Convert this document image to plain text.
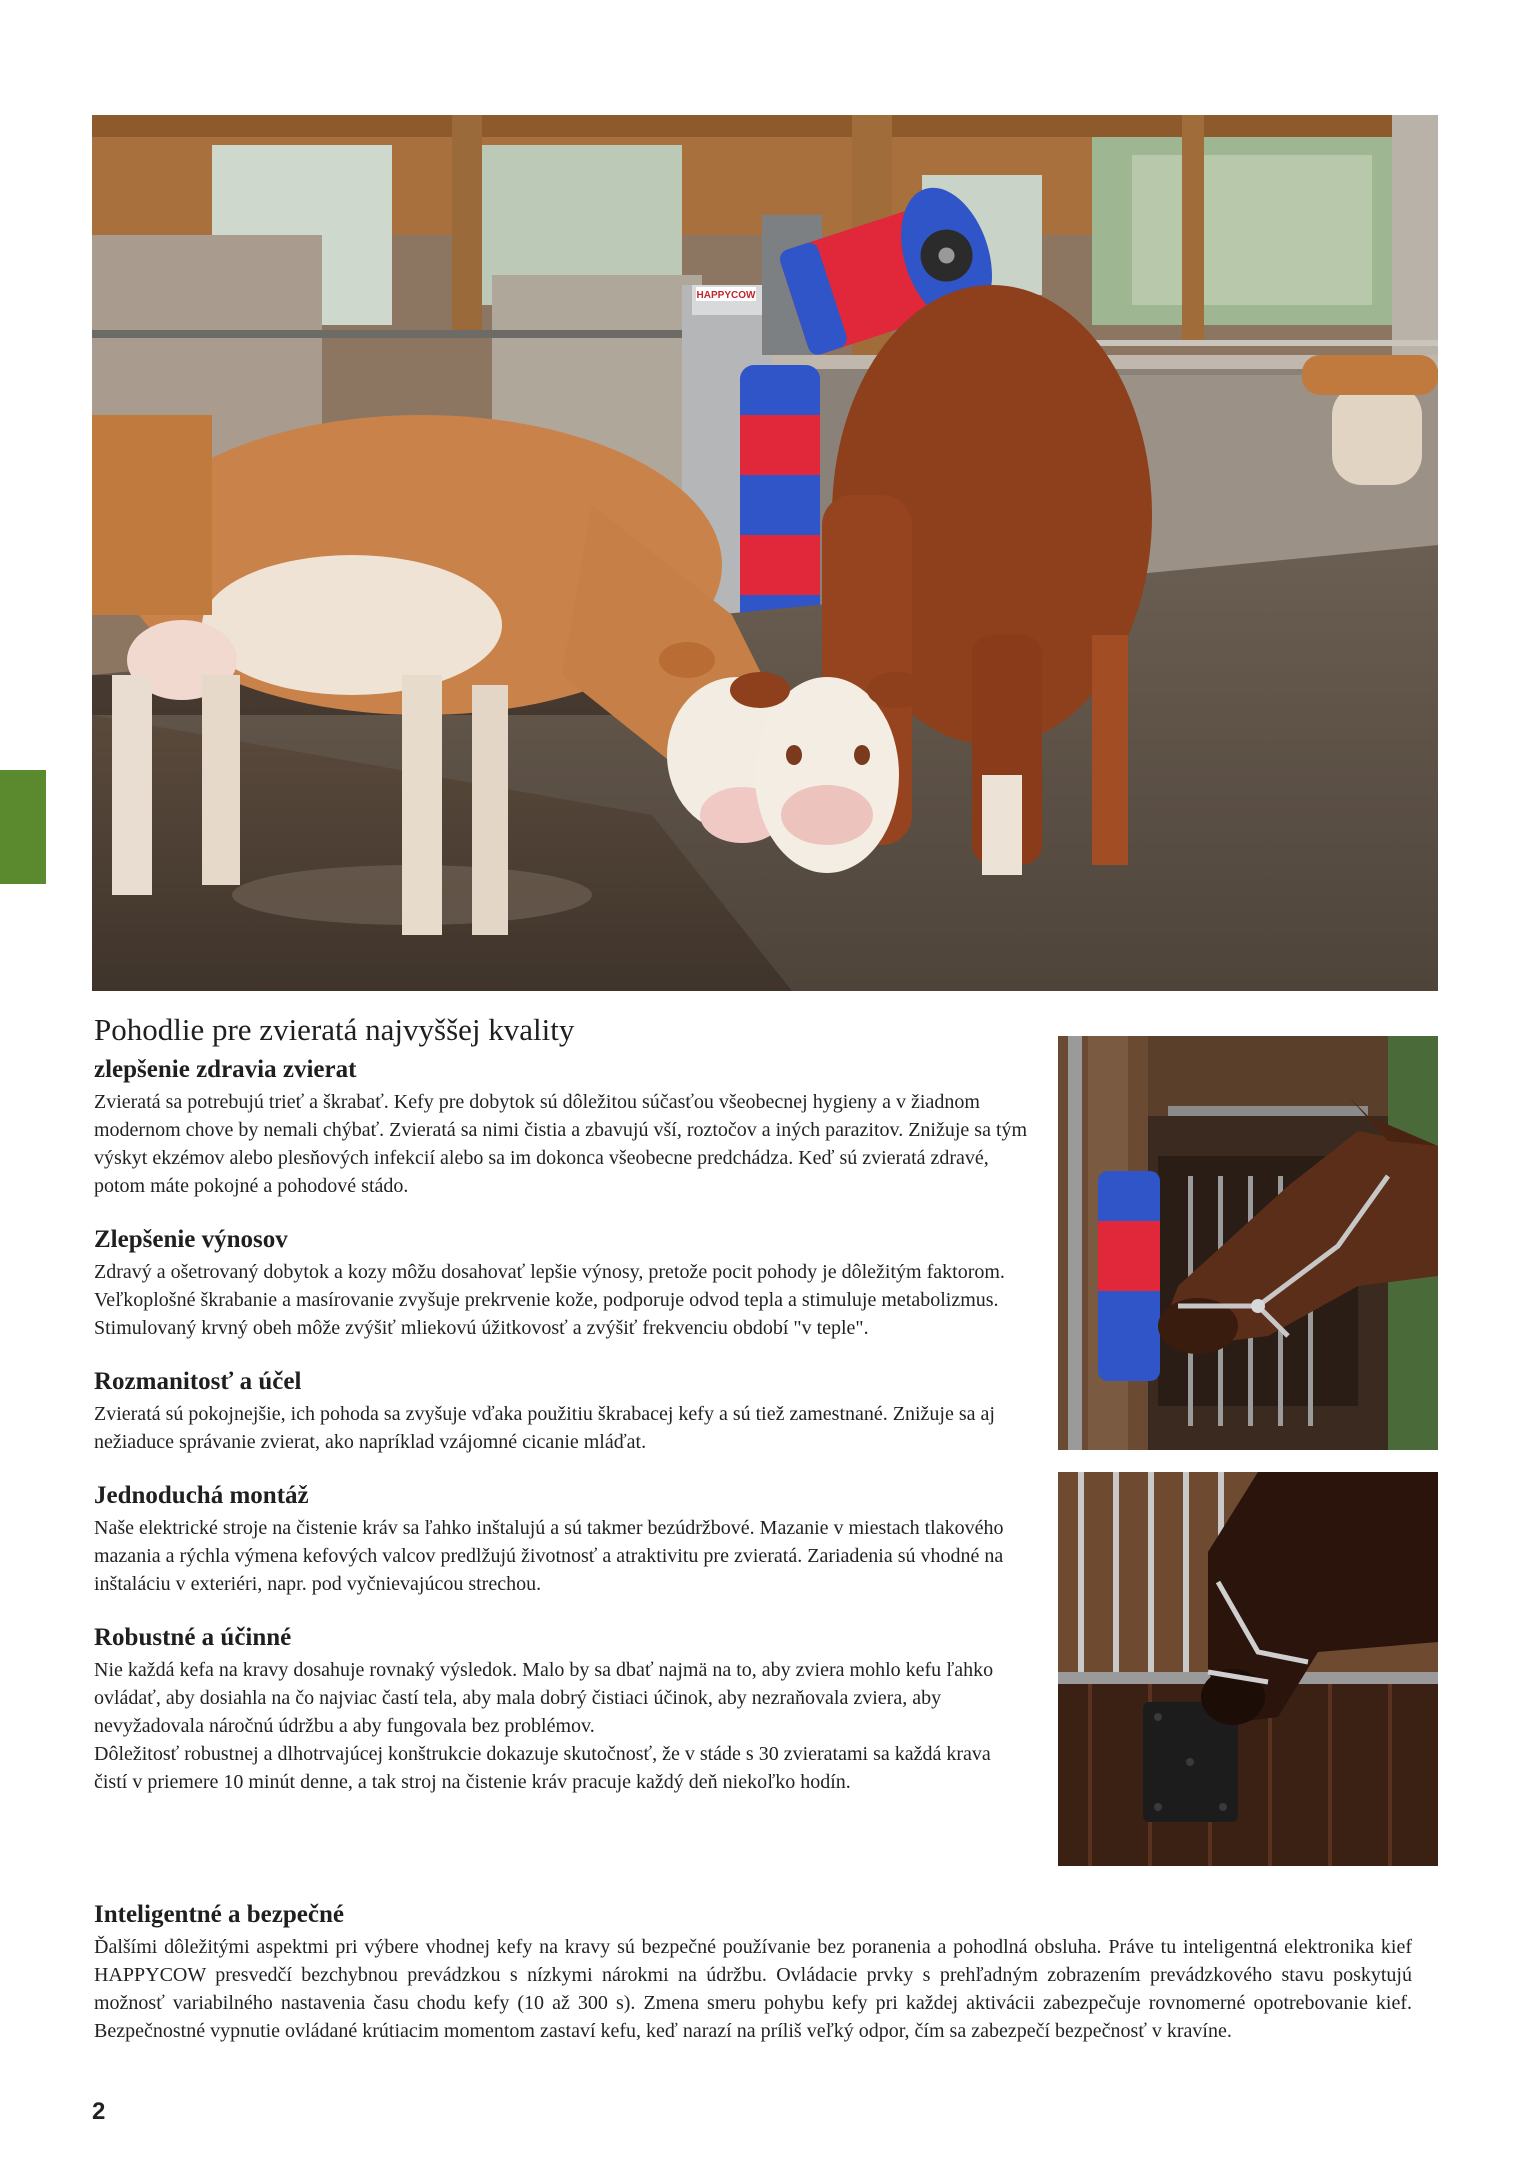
HAPPYCOW
Pohodlie pre zvieratá najvyššej kvality
zlepšenie zdravia zvierat

Zvieratá sa potrebujú trieť a škrabať. Kefy pre dobytok sú dôležitou súčasťou všeobecnej hygieny a v žiadnom modernom chove by nemali chýbať. Zvieratá sa nimi čistia a zbavujú vší, roztočov a iných parazitov. Znižuje sa tým výskyt ekzémov alebo plesňových infekcií alebo sa im dokonca všeobecne predchádza. Keď sú zvieratá zdravé, potom máte pokojné a pohodové stádo.

Zlepšenie výnosov

Zdravý a ošetrovaný dobytok a kozy môžu dosahovať lepšie výnosy, pretože pocit pohody je dôležitým faktorom. Veľkoplošné škrabanie a masírovanie zvyšuje prekrvenie kože, podporuje odvod tepla a stimuluje metabolizmus. Stimulovaný krvný obeh môže zvýšiť mliekovú úžitkovosť a zvýšiť frekvenciu období "v teple".

Rozmanitosť a účel

Zvieratá sú pokojnejšie, ich pohoda sa zvyšuje vďaka použitiu škrabacej kefy a sú tiež zamestnané. Znižuje sa aj nežiaduce správanie zvierat, ako napríklad vzájomné cicanie mláďat.

Jednoduchá montáž

Naše elektrické stroje na čistenie kráv sa ľahko inštalujú a sú takmer bezúdržbové. Mazanie v miestach tlakového mazania a rýchla výmena kefových valcov predlžujú životnosť a atraktivitu pre zvieratá. Zariadenia sú vhodné na inštaláciu v exteriéri, napr. pod vyčnievajúcou strechou.

Robustné a účinné

Nie každá kefa na kravy dosahuje rovnaký výsledok. Malo by sa dbať najmä na to, aby zviera mohlo kefu ľahko ovládať, aby dosiahla na čo najviac častí tela, aby mala dobrý čistiaci účinok, aby nezraňovala zviera, aby nevyžadovala náročnú údržbu a aby fungovala bez problémov.

Dôležitosť robustnej a dlhotrvajúcej konštrukcie dokazuje skutočnosť, že v stáde s 30 zvieratami sa každá krava čistí v priemere 10 minút denne, a tak stroj na čistenie kráv pracuje každý deň niekoľko hodín.

Inteligentné a bezpečné

Ďalšími dôležitými aspektmi pri výbere vhodnej kefy na kravy sú bezpečné používanie bez poranenia a pohodlná obsluha. Práve tu inteligentná elektronika kief HAPPYCOW presvedčí bezchybnou prevádzkou s nízkymi nárokmi na údržbu. Ovládacie prvky s prehľadným zobrazením prevádzkového stavu poskytujú možnosť variabilného nastavenia času chodu kefy (10 až 300 s). Zmena smeru pohybu kefy pri každej aktivácii zabezpečuje rovnomerné opotrebovanie kief. Bezpečnostné vypnutie ovládané krútiacim momentom zastaví kefu, keď narazí na príliš veľký odpor, čím sa zabezpečí bezpečnosť v kravíne.

2
